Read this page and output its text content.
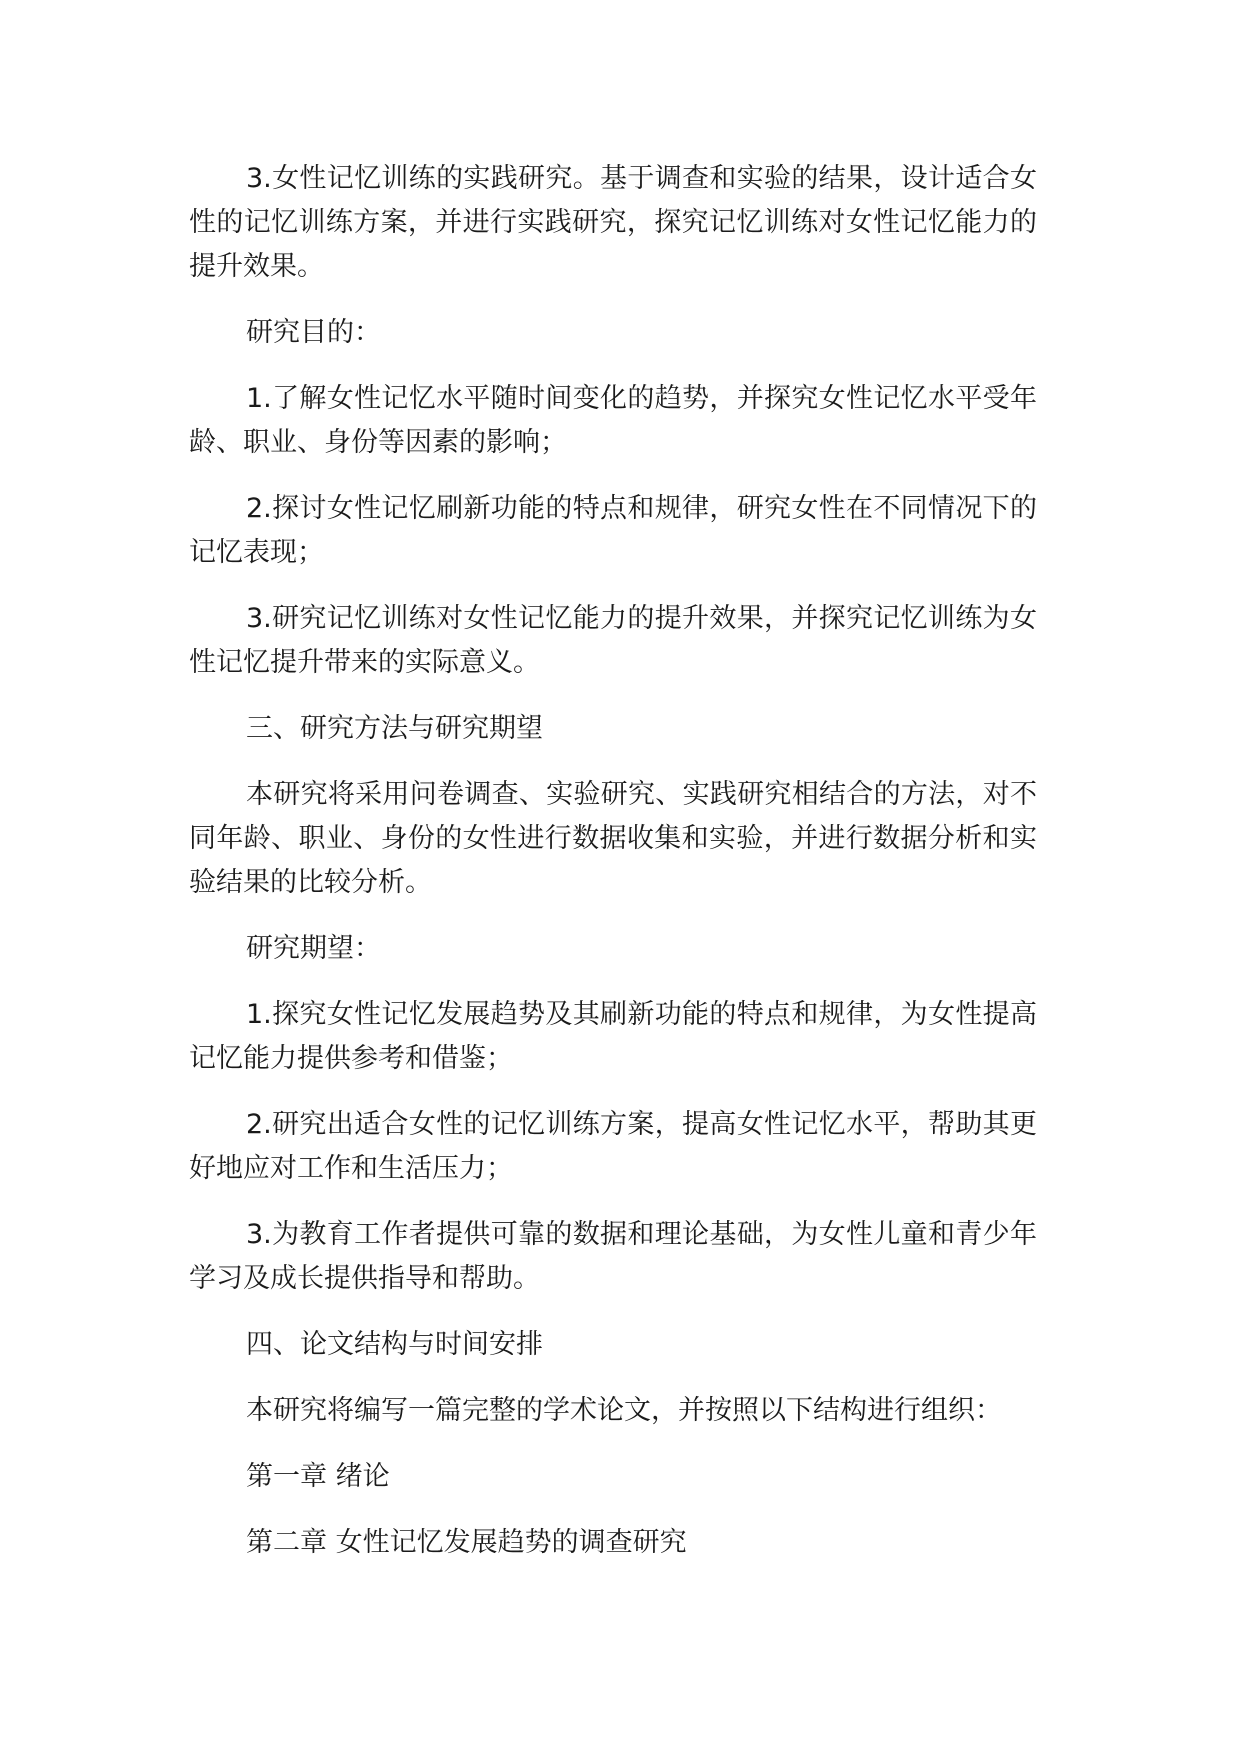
3.女性记忆训练的实践研究。基于调查和实验的结果，设计适合女性的记忆训练方案，并进行实践研究，探究记忆训练对女性记忆能力的提升效果。

研究目的：

1.了解女性记忆水平随时间变化的趋势，并探究女性记忆水平受年龄、职业、身份等因素的影响；

2.探讨女性记忆刷新功能的特点和规律，研究女性在不同情况下的记忆表现；

3.研究记忆训练对女性记忆能力的提升效果，并探究记忆训练为女性记忆提升带来的实际意义。

三、研究方法与研究期望

本研究将采用问卷调查、实验研究、实践研究相结合的方法，对不同年龄、职业、身份的女性进行数据收集和实验，并进行数据分析和实验结果的比较分析。

研究期望：

1.探究女性记忆发展趋势及其刷新功能的特点和规律，为女性提高记忆能力提供参考和借鉴；

2.研究出适合女性的记忆训练方案，提高女性记忆水平，帮助其更好地应对工作和生活压力；

3.为教育工作者提供可靠的数据和理论基础，为女性儿童和青少年学习及成长提供指导和帮助。

四、论文结构与时间安排

本研究将编写一篇完整的学术论文，并按照以下结构进行组织：

第一章 绪论

第二章 女性记忆发展趋势的调查研究
